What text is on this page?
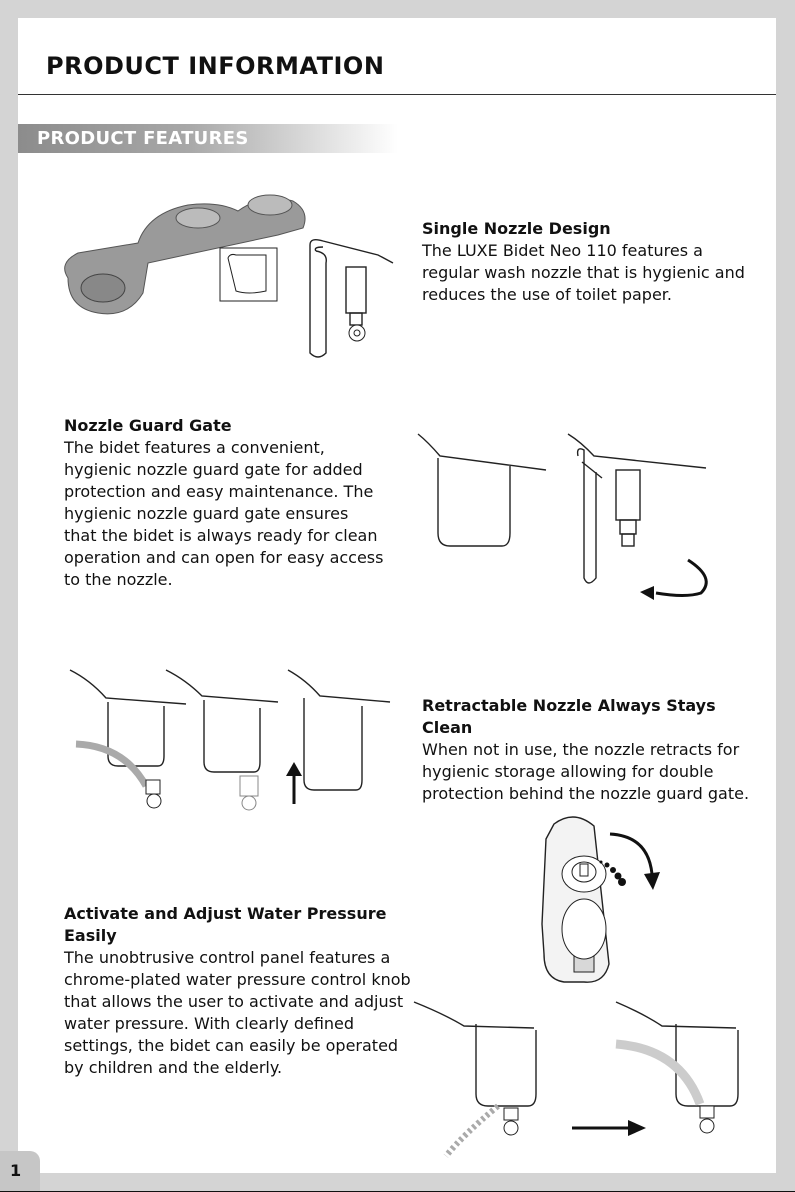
PRODUCT INFORMATION
PRODUCT FEATURES
Single Nozzle Design
The LUXE Bidet Neo 110 features a
regular wash nozzle that is hygienic and
reduces the use of toilet paper.
Nozzle Guard Gate
The bidet features a convenient,
hygienic nozzle guard gate for added
protection and easy maintenance. The
hygienic nozzle guard gate ensures
that the bidet is always ready for clean
operation and can open for easy access
to the nozzle.
Retractable Nozzle Always Stays Clean
When not in use, the nozzle retracts for
hygienic storage allowing for double
protection behind the nozzle guard gate.
Activate and Adjust Water Pressure Easily
The unobtrusive control panel features a
chrome-plated water pressure control knob
that allows the user to activate and adjust
water pressure. With clearly defined
settings, the bidet can easily be operated
by children and the elderly.
1
